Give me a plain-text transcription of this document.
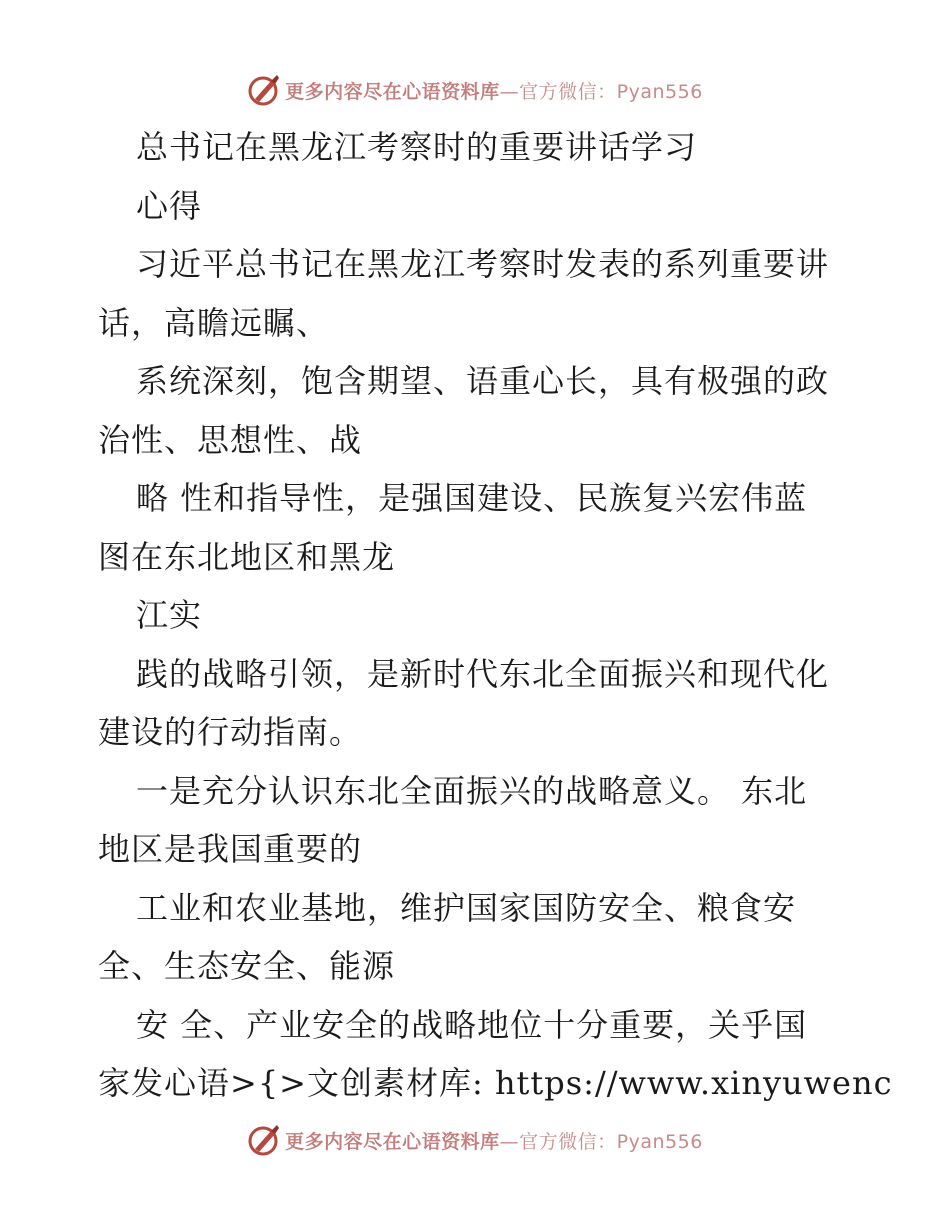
更多内容尽在心语资料库—官方微信：Pyan556
总书记在黑龙江考察时的重要讲话学习
心得
习近平总书记在黑龙江考察时发表的系列重要讲
话，高瞻远瞩、
系统深刻，饱含期望、语重心长，具有极强的政
治性、思想性、战
略 性和指导性，是强国建设、民族复兴宏伟蓝
图在东北地区和黑龙
江实
践的战略引领，是新时代东北全面振兴和现代化
建设的行动指南。
一是充分认识东北全面振兴的战略意义。 东北
地区是我国重要的
工业和农业基地，维护国家国防安全、粮食安
全、生态安全、能源
安 全、产业安全的战略地位十分重要，关乎国
家发心语>{>文创素材库: https://www.xinyuwenc
更多内容尽在心语资料库—官方微信：Pyan556
